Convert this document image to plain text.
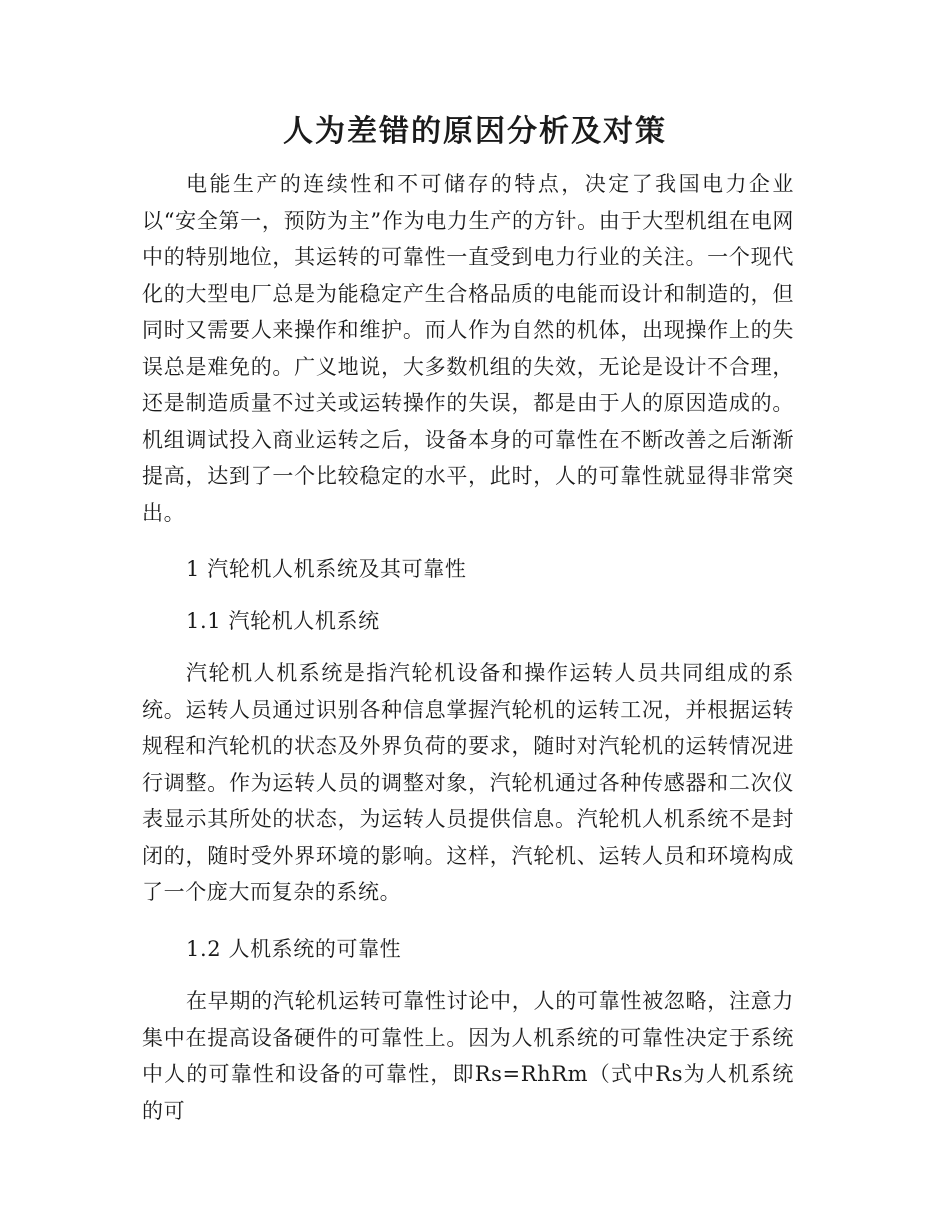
人为差错的原因分析及对策

电能生产的连续性和不可储存的特点，决定了我国电力企业以“安全第一，预防为主”作为电力生产的方针。由于大型机组在电网中的特别地位，其运转的可靠性一直受到电力行业的关注。一个现代化的大型电厂总是为能稳定产生合格品质的电能而设计和制造的，但同时又需要人来操作和维护。而人作为自然的机体，出现操作上的失误总是难免的。广义地说，大多数机组的失效，无论是设计不合理，还是制造质量不过关或运转操作的失误，都是由于人的原因造成的。机组调试投入商业运转之后，设备本身的可靠性在不断改善之后渐渐提高，达到了一个比较稳定的水平，此时，人的可靠性就显得非常突出。

1 汽轮机人机系统及其可靠性
1.1 汽轮机人机系统

汽轮机人机系统是指汽轮机设备和操作运转人员共同组成的系统。运转人员通过识别各种信息掌握汽轮机的运转工况，并根据运转规程和汽轮机的状态及外界负荷的要求，随时对汽轮机的运转情况进行调整。作为运转人员的调整对象，汽轮机通过各种传感器和二次仪表显示其所处的状态，为运转人员提供信息。汽轮机人机系统不是封闭的，随时受外界环境的影响。这样，汽轮机、运转人员和环境构成了一个庞大而复杂的系统。

1.2 人机系统的可靠性

在早期的汽轮机运转可靠性讨论中，人的可靠性被忽略，注意力集中在提高设备硬件的可靠性上。因为人机系统的可靠性决定于系统中人的可靠性和设备的可靠性，即Rs=RhRm（式中Rs为人机系统的可
